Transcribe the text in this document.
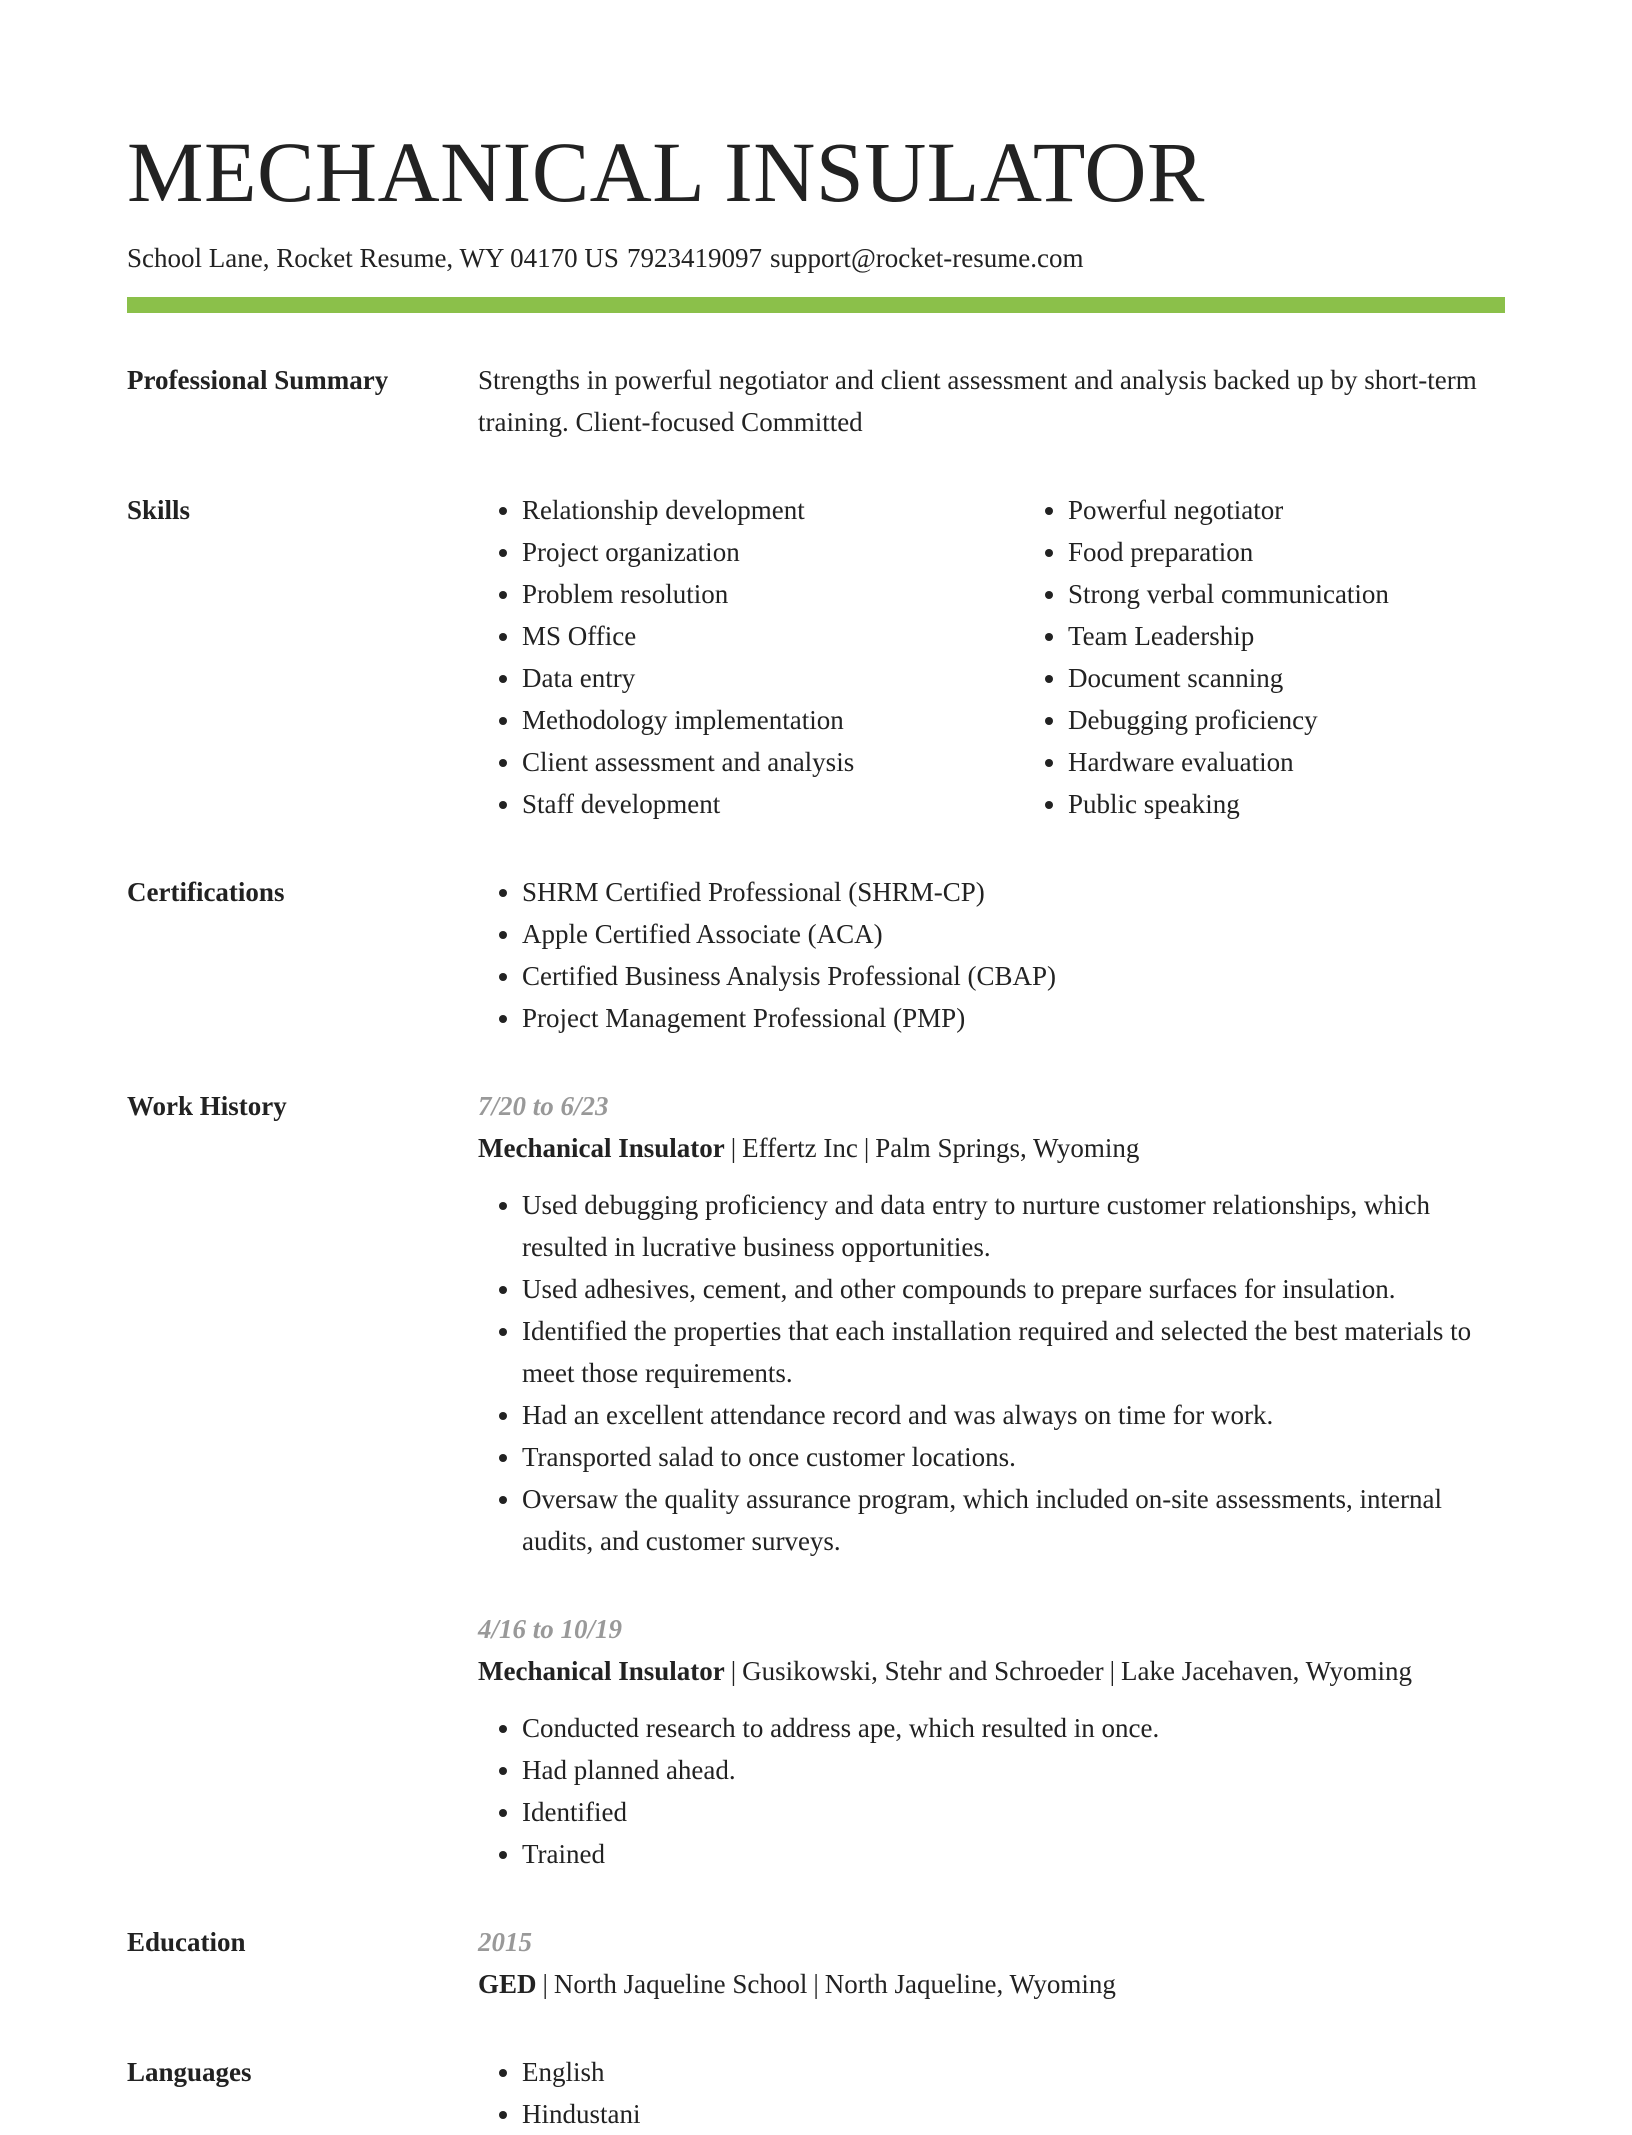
MECHANICAL INSULATOR
School Lane, Rocket Resume, WY 04170 US 7923419097 support@rocket-resume.com
Professional Summary	Strengths in powerful negotiator and client assessment and analysis backed up by short-term training. Client-focused Committed

Skills	• Relationship development
• Project organization
• Problem resolution
• MS Office
• Data entry
• Methodology implementation
• Client assessment and analysis
• Staff development
• Powerful negotiator
• Food preparation
• Strong verbal communication
• Team Leadership
• Document scanning
• Debugging proficiency
• Hardware evaluation
• Public speaking
Certifications	• SHRM Certified Professional (SHRM-CP)
• Apple Certified Associate (ACA)
• Certified Business Analysis Professional (CBAP)
• Project Management Professional (PMP)
Work History	7/20 to 6/23
Mechanical Insulator | Effertz Inc | Palm Springs, Wyoming
• Used debugging proficiency and data entry to nurture customer relationships, which resulted in lucrative business opportunities.
• Used adhesives, cement, and other compounds to prepare surfaces for insulation.
• Identified the properties that each installation required and selected the best materials to meet those requirements.
• Had an excellent attendance record and was always on time for work.
• Transported salad to once customer locations.
• Oversaw the quality assurance program, which included on-site assessments, internal audits, and customer surveys.
4/16 to 10/19
Mechanical Insulator | Gusikowski, Stehr and Schroeder | Lake Jacehaven, Wyoming
• Conducted research to address ape, which resulted in once.
• Had planned ahead.
• Identified
• Trained
Education	2015
GED | North Jaqueline School | North Jaqueline, Wyoming
Languages	• English
• Hindustani
